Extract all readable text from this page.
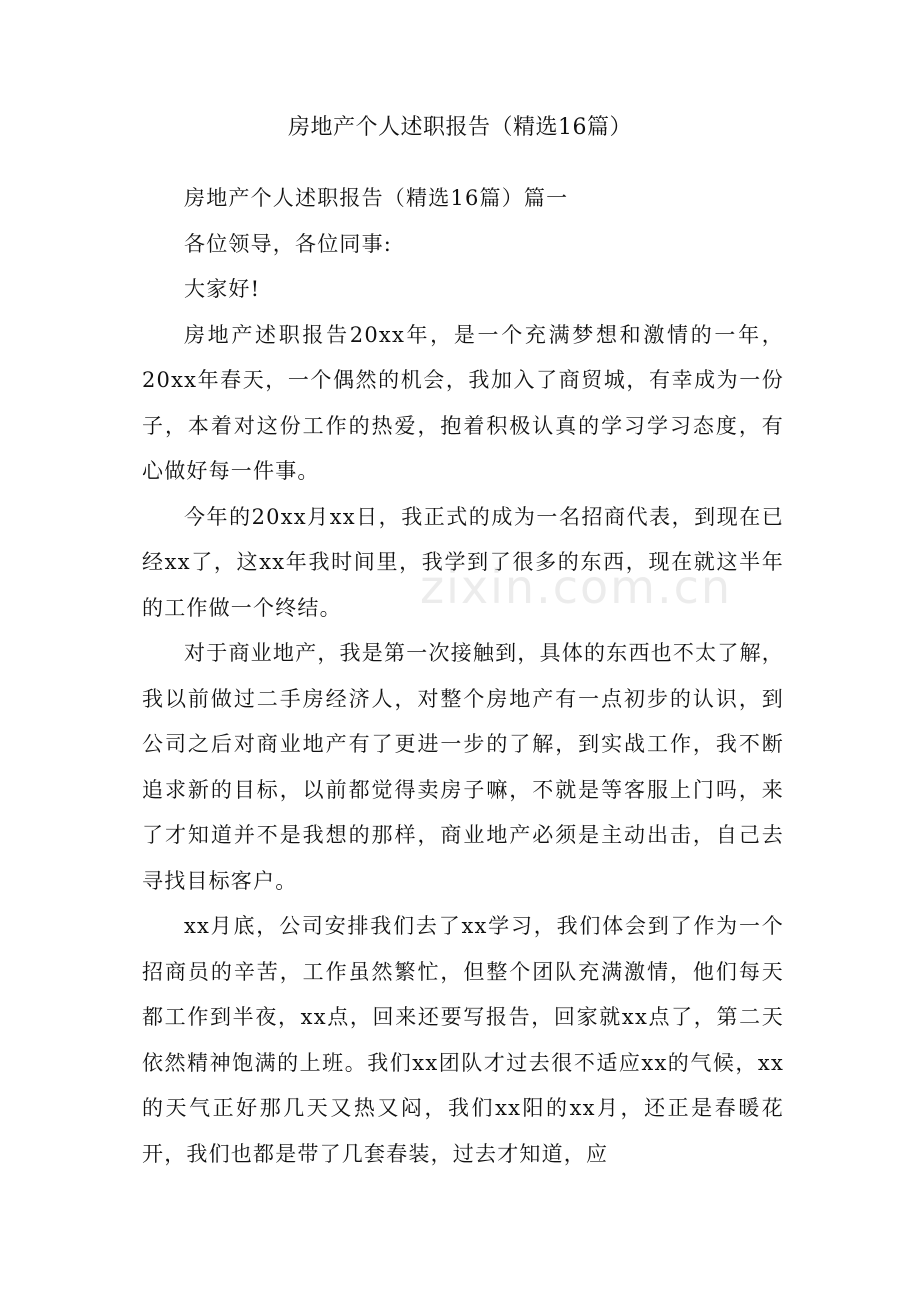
房地产个人述职报告（精选16篇）

房地产个人述职报告（精选16篇）篇一

各位领导，各位同事:

大家好!

房地产述职报告20xx年，是一个充满梦想和激情的一年，20xx年春天，一个偶然的机会，我加入了商贸城，有幸成为一份子，本着对这份工作的热爱，抱着积极认真的学习学习态度，有心做好每一件事。

今年的20xx月xx日，我正式的成为一名招商代表，到现在已经xx了，这xx年我时间里，我学到了很多的东西，现在就这半年的工作做一个终结。

对于商业地产，我是第一次接触到，具体的东西也不太了解，我以前做过二手房经济人，对整个房地产有一点初步的认识，到公司之后对商业地产有了更进一步的了解，到实战工作，我不断追求新的目标，以前都觉得卖房子嘛，不就是等客服上门吗，来了才知道并不是我想的那样，商业地产必须是主动出击，自己去寻找目标客户。

xx月底，公司安排我们去了xx学习，我们体会到了作为一个招商员的辛苦，工作虽然繁忙，但整个团队充满激情，他们每天都工作到半夜，xx点，回来还要写报告，回家就xx点了，第二天依然精神饱满的上班。我们xx团队才过去很不适应xx的气候，xx的天气正好那几天又热又闷，我们xx阳的xx月，还正是春暖花开，我们也都是带了几套春装，过去才知道，应

zixin.com.cn
